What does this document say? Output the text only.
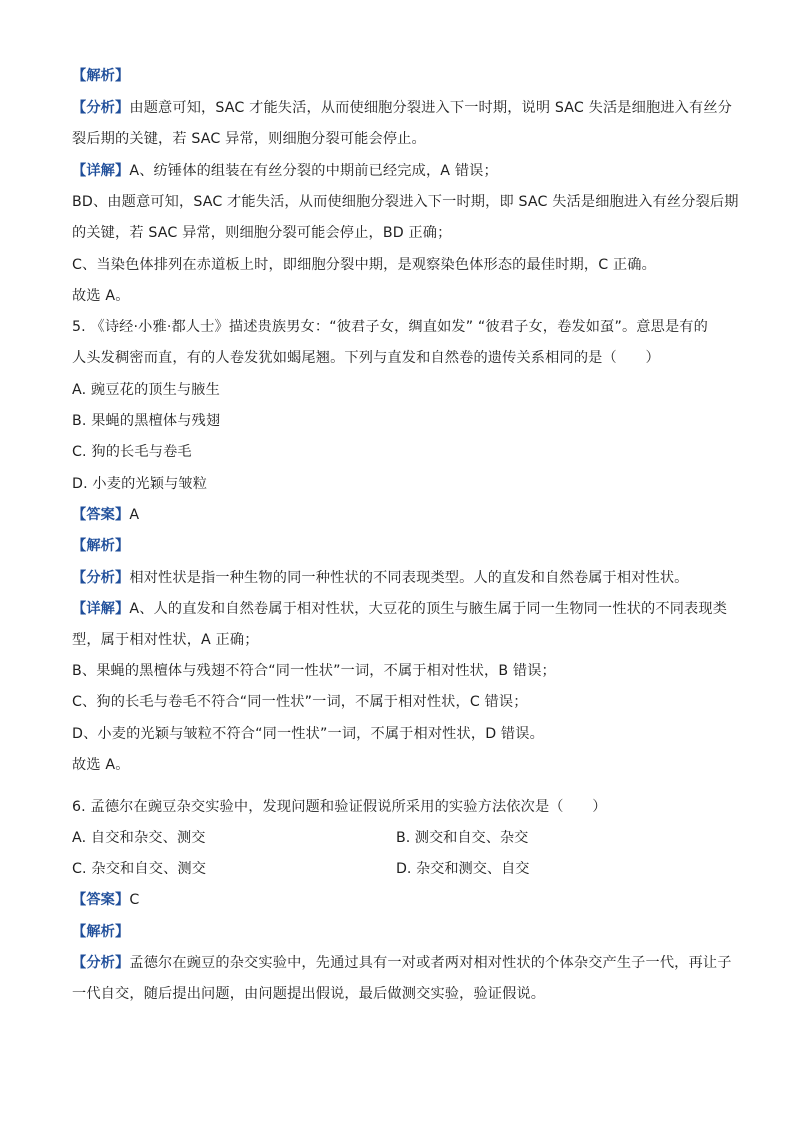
【解析】
【分析】由题意可知，SAC 才能失活，从而使细胞分裂进入下一时期，说明 SAC 失活是细胞进入有丝分
裂后期的关键，若 SAC 异常，则细胞分裂可能会停止。
【详解】A、纺锤体的组装在有丝分裂的中期前已经完成，A 错误；
BD、由题意可知，SAC 才能失活，从而使细胞分裂进入下一时期，即 SAC 失活是细胞进入有丝分裂后期
的关键，若 SAC 异常，则细胞分裂可能会停止，BD 正确；
C、当染色体排列在赤道板上时，即细胞分裂中期，是观察染色体形态的最佳时期，C 正确。
故选 A。
5. 《诗经·小雅·都人士》描述贵族男女：“彼君子女，绸直如发” “彼君子女，卷发如虿”。意思是有的
人头发稠密而直，有的人卷发犹如蝎尾翘。下列与直发和自然卷的遗传关系相同的是（　　）
A. 豌豆花的顶生与腋生
B. 果蝇的黑檀体与残翅
C. 狗的长毛与卷毛
D. 小麦的光颖与皱粒
【答案】A
【解析】
【分析】相对性状是指一种生物的同一种性状的不同表现类型。人的直发和自然卷属于相对性状。
【详解】A、人的直发和自然卷属于相对性状，大豆花的顶生与腋生属于同一生物同一性状的不同表现类
型，属于相对性状，A 正确；
B、果蝇的黑檀体与残翅不符合“同一性状”一词，不属于相对性状，B 错误；
C、狗的长毛与卷毛不符合“同一性状”一词，不属于相对性状，C 错误；
D、小麦的光颖与皱粒不符合“同一性状”一词，不属于相对性状，D 错误。
故选 A。
6. 孟德尔在豌豆杂交实验中，发现问题和验证假说所采用的实验方法依次是（　　）
A. 自交和杂交、测交	B. 测交和自交、杂交
C. 杂交和自交、测交	D. 杂交和测交、自交
【答案】C
【解析】
【分析】孟德尔在豌豆的杂交实验中，先通过具有一对或者两对相对性状的个体杂交产生子一代，再让子
一代自交，随后提出问题，由问题提出假说，最后做测交实验，验证假说。
